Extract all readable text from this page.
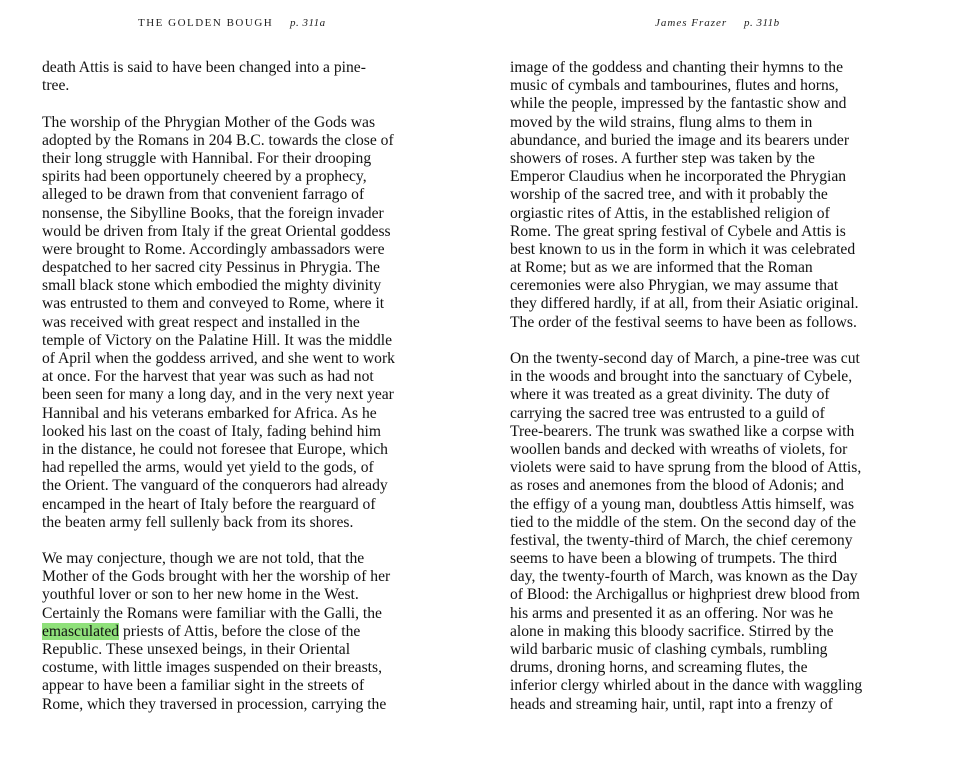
THE GOLDEN BOUGH p. 311a
death Attis is said to have been changed into a pine-
tree.
The worship of the Phrygian Mother of the Gods was
adopted by the Romans in 204 B.C. towards the close of
their long struggle with Hannibal. For their drooping
spirits had been opportunely cheered by a prophecy,
alleged to be drawn from that convenient farrago of
nonsense, the Sibylline Books, that the foreign invader
would be driven from Italy if the great Oriental goddess
were brought to Rome. Accordingly ambassadors were
despatched to her sacred city Pessinus in Phrygia. The
small black stone which embodied the mighty divinity
was entrusted to them and conveyed to Rome, where it
was received with great respect and installed in the
temple of Victory on the Palatine Hill. It was the middle
of April when the goddess arrived, and she went to work
at once. For the harvest that year was such as had not
been seen for many a long day, and in the very next year
Hannibal and his veterans embarked for Africa. As he
looked his last on the coast of Italy, fading behind him
in the distance, he could not foresee that Europe, which
had repelled the arms, would yet yield to the gods, of
the Orient. The vanguard of the conquerors had already
encamped in the heart of Italy before the rearguard of
the beaten army fell sullenly back from its shores.
We may conjecture, though we are not told, that the
Mother of the Gods brought with her the worship of her
youthful lover or son to her new home in the West.
Certainly the Romans were familiar with the Galli, the
emasculated priests of Attis, before the close of the
Republic. These unsexed beings, in their Oriental
costume, with little images suspended on their breasts,
appear to have been a familiar sight in the streets of
Rome, which they traversed in procession, carrying the
James Frazer p. 311b
image of the goddess and chanting their hymns to the
music of cymbals and tambourines, flutes and horns,
while the people, impressed by the fantastic show and
moved by the wild strains, flung alms to them in
abundance, and buried the image and its bearers under
showers of roses. A further step was taken by the
Emperor Claudius when he incorporated the Phrygian
worship of the sacred tree, and with it probably the
orgiastic rites of Attis, in the established religion of
Rome. The great spring festival of Cybele and Attis is
best known to us in the form in which it was celebrated
at Rome; but as we are informed that the Roman
ceremonies were also Phrygian, we may assume that
they differed hardly, if at all, from their Asiatic original.
The order of the festival seems to have been as follows.
On the twenty-second day of March, a pine-tree was cut
in the woods and brought into the sanctuary of Cybele,
where it was treated as a great divinity. The duty of
carrying the sacred tree was entrusted to a guild of
Tree-bearers. The trunk was swathed like a corpse with
woollen bands and decked with wreaths of violets, for
violets were said to have sprung from the blood of Attis,
as roses and anemones from the blood of Adonis; and
the effigy of a young man, doubtless Attis himself, was
tied to the middle of the stem. On the second day of the
festival, the twenty-third of March, the chief ceremony
seems to have been a blowing of trumpets. The third
day, the twenty-fourth of March, was known as the Day
of Blood: the Archigallus or highpriest drew blood from
his arms and presented it as an offering. Nor was he
alone in making this bloody sacrifice. Stirred by the
wild barbaric music of clashing cymbals, rumbling
drums, droning horns, and screaming flutes, the
inferior clergy whirled about in the dance with waggling
heads and streaming hair, until, rapt into a frenzy of
